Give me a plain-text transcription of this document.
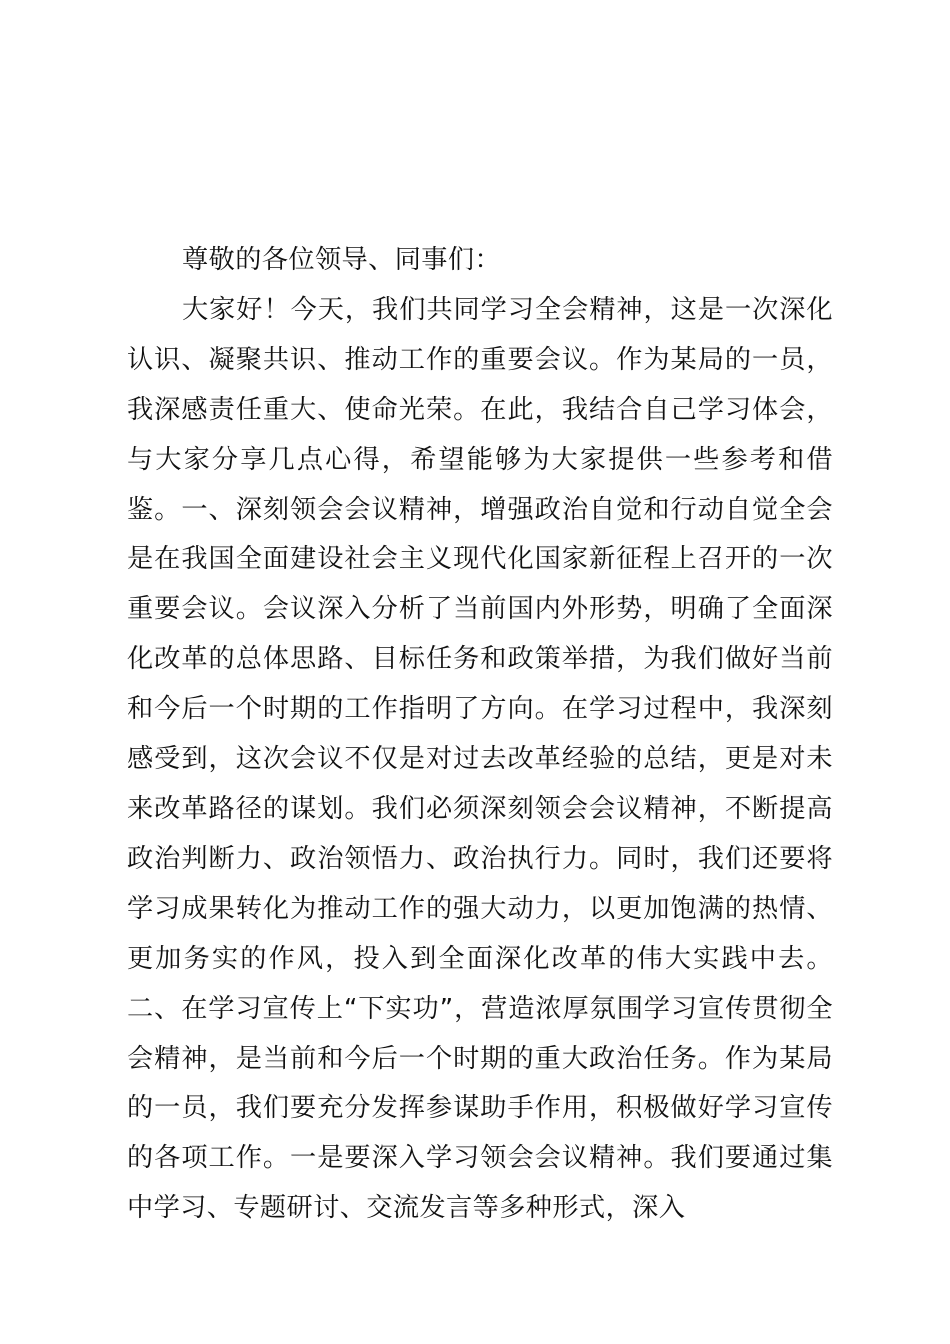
尊敬的各位领导、同事们：

大家好！今天，我们共同学习全会精神，这是一次深化认识、凝聚共识、推动工作的重要会议。作为某局的一员，我深感责任重大、使命光荣。在此，我结合自己学习体会，与大家分享几点心得，希望能够为大家提供一些参考和借鉴。一、深刻领会会议精神，增强政治自觉和行动自觉全会是在我国全面建设社会主义现代化国家新征程上召开的一次重要会议。会议深入分析了当前国内外形势，明确了全面深化改革的总体思路、目标任务和政策举措，为我们做好当前和今后一个时期的工作指明了方向。在学习过程中，我深刻感受到，这次会议不仅是对过去改革经验的总结，更是对未来改革路径的谋划。我们必须深刻领会会议精神，不断提高政治判断力、政治领悟力、政治执行力。同时，我们还要将学习成果转化为推动工作的强大动力，以更加饱满的热情、更加务实的作风，投入到全面深化改革的伟大实践中去。二、在学习宣传上“下实功”，营造浓厚氛围学习宣传贯彻全会精神，是当前和今后一个时期的重大政治任务。作为某局的一员，我们要充分发挥参谋助手作用，积极做好学习宣传的各项工作。一是要深入学习领会会议精神。我们要通过集中学习、专题研讨、交流发言等多种形式，深入
